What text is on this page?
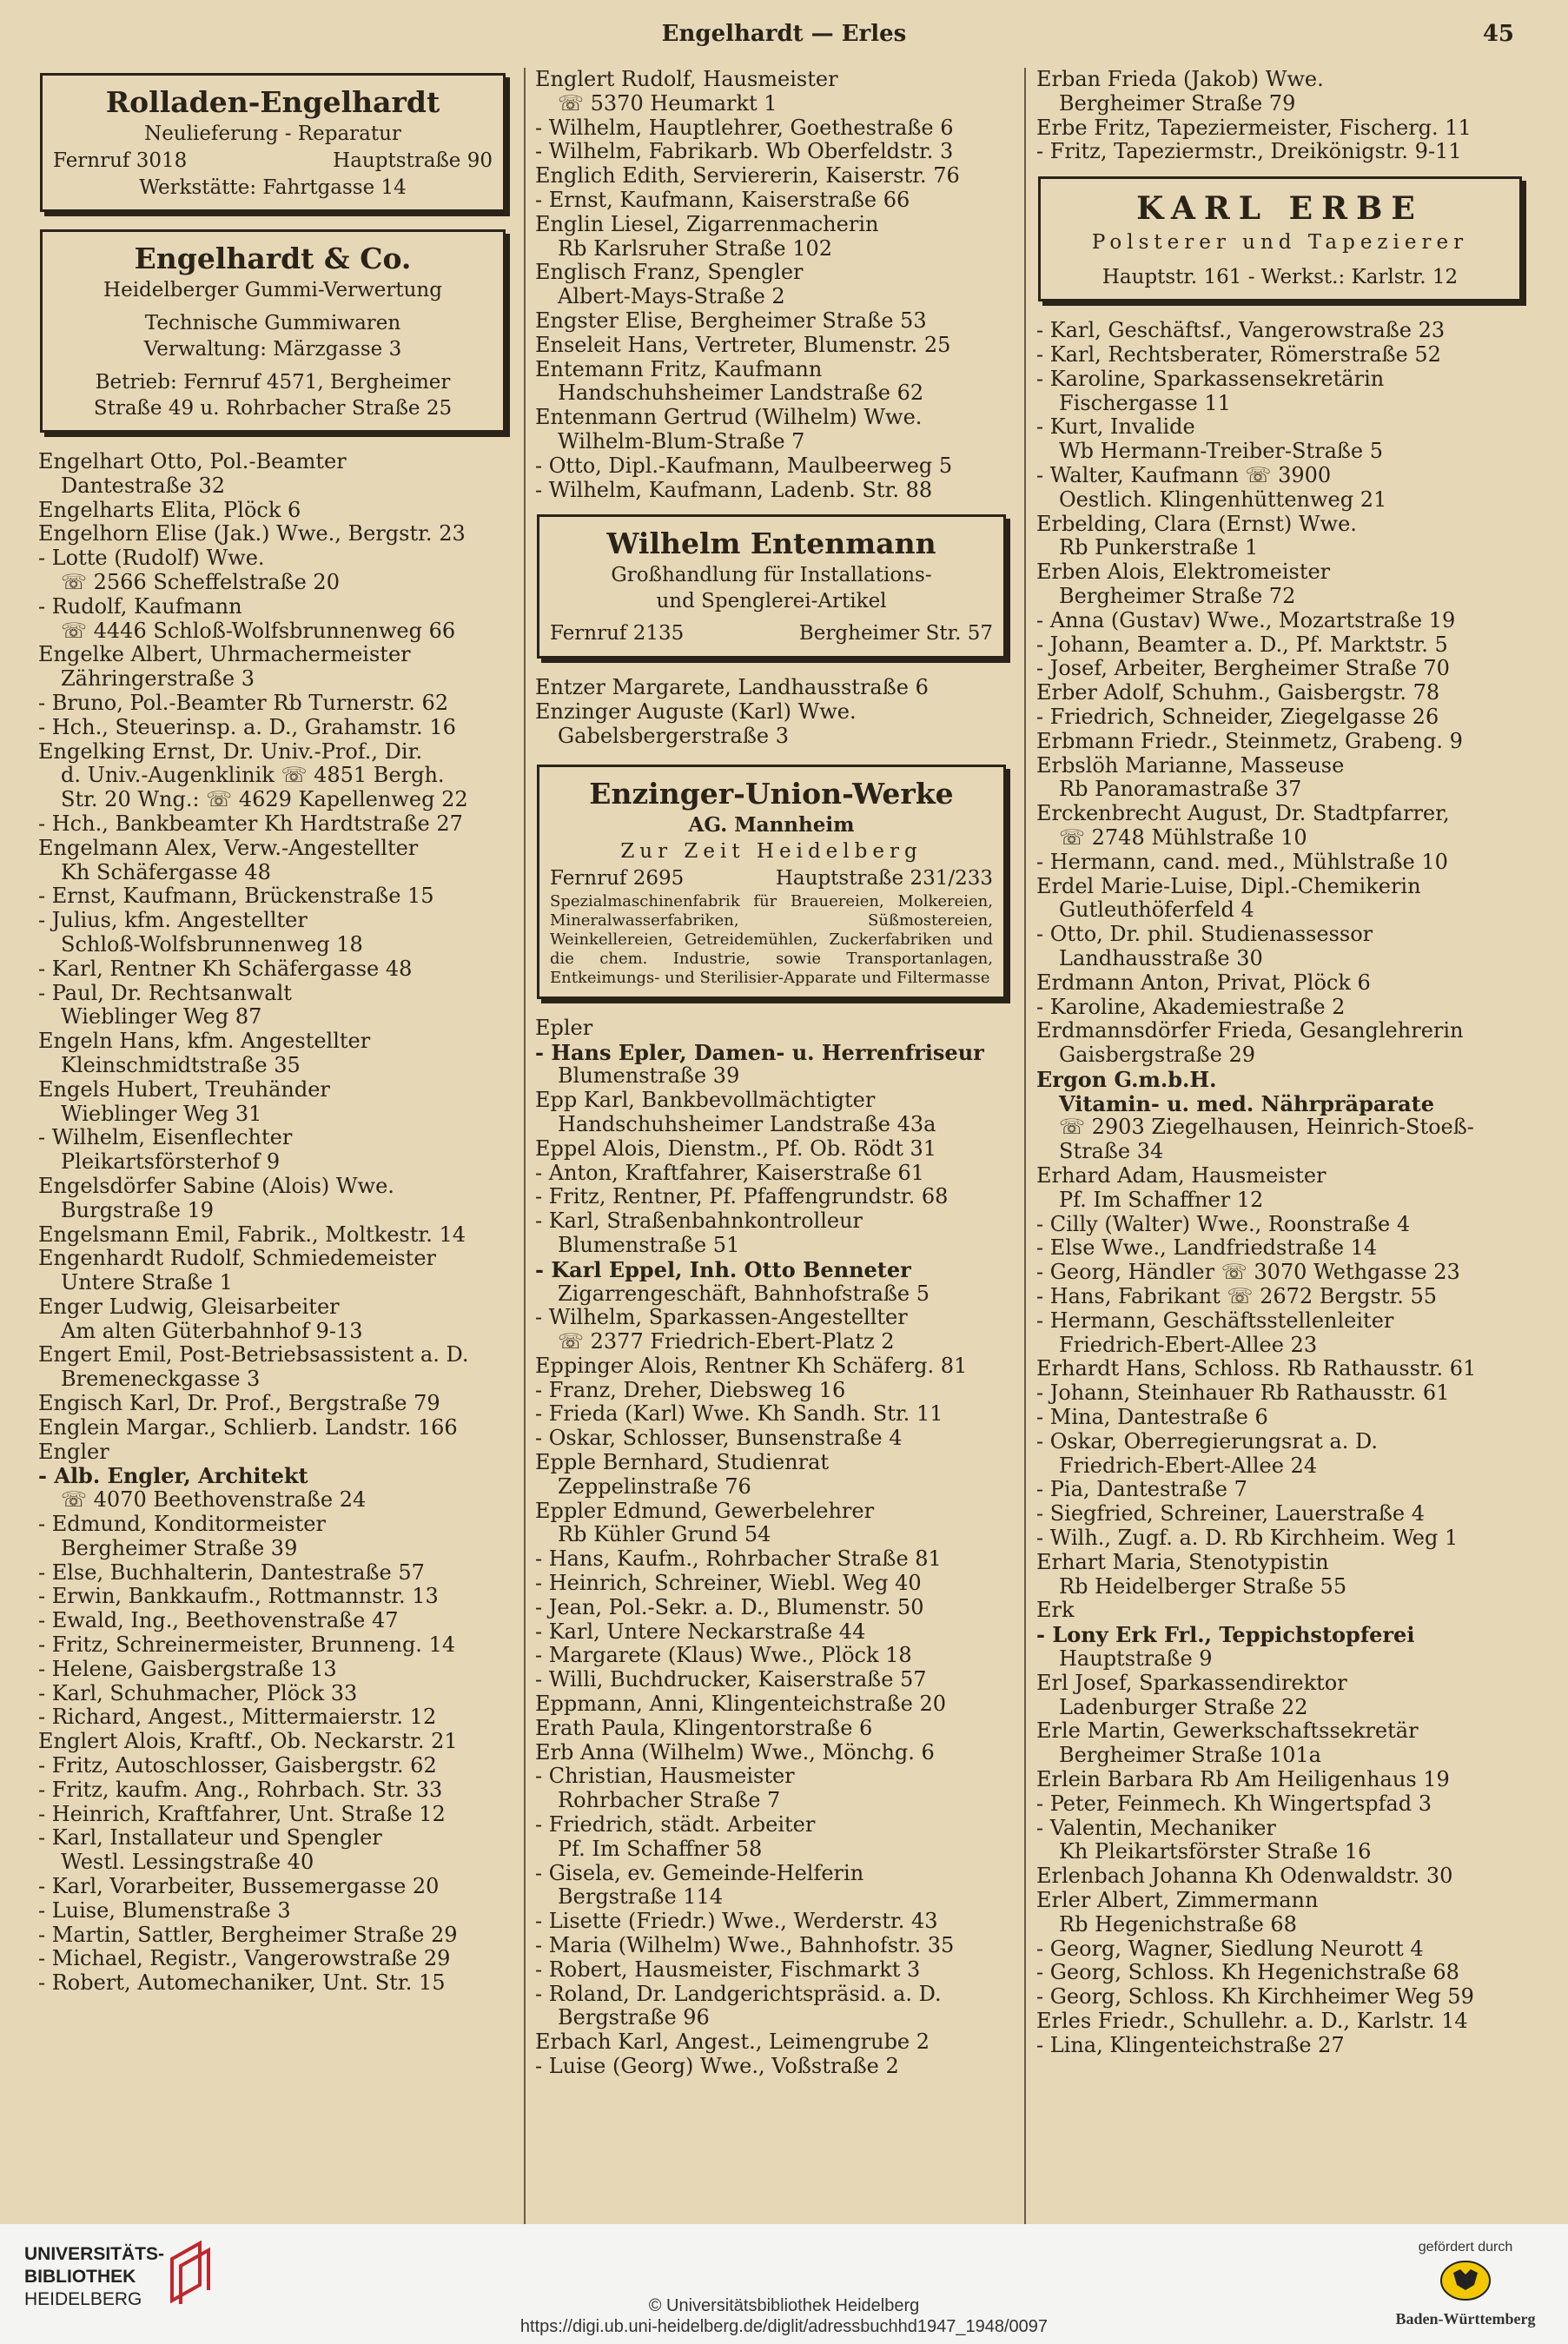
Engelhardt — Erles	45
Rolladen-Engelhardt
Neulieferung - Reparatur
Fernruf 3018	Hauptstraße 90
Werkstätte: Fahrtgasse 14
Engelhardt & Co.
Heidelberger Gummi-Verwertung
Technische Gummiwaren
Verwaltung: Märzgasse 3
Betrieb: Fernruf 4571, Bergheimer
Straße 49 u. Rohrbacher Straße 25
Engelhart Otto, Pol.-Beamter
Dantestraße 32
Engelharts Elita, Plöck 6
Engelhorn Elise (Jak.) Wwe., Bergstr. 23
- Lotte (Rudolf) Wwe.
☏ 2566 Scheffelstraße 20
- Rudolf, Kaufmann
☏ 4446 Schloß-Wolfsbrunnenweg 66
Engelke Albert, Uhrmachermeister
Zähringerstraße 3
- Bruno, Pol.-Beamter Rb Turnerstr. 62
- Hch., Steuerinsp. a. D., Grahamstr. 16
Engelking Ernst, Dr. Univ.-Prof., Dir.
d. Univ.-Augenklinik ☏ 4851 Bergh.
Str. 20 Wng.: ☏ 4629 Kapellenweg 22
- Hch., Bankbeamter Kh Hardtstraße 27
Engelmann Alex, Verw.-Angestellter
Kh Schäfergasse 48
- Ernst, Kaufmann, Brückenstraße 15
- Julius, kfm. Angestellter
Schloß-Wolfsbrunnenweg 18
- Karl, Rentner Kh Schäfergasse 48
- Paul, Dr. Rechtsanwalt
Wieblinger Weg 87
Engeln Hans, kfm. Angestellter
Kleinschmidtstraße 35
Engels Hubert, Treuhänder
Wieblinger Weg 31
- Wilhelm, Eisenflechter
Pleikartsförsterhof 9
Engelsdörfer Sabine (Alois) Wwe.
Burgstraße 19
Engelsmann Emil, Fabrik., Moltkestr. 14
Engenhardt Rudolf, Schmiedemeister
Untere Straße 1
Enger Ludwig, Gleisarbeiter
Am alten Güterbahnhof 9-13
Engert Emil, Post-Betriebsassistent a. D.
Bremeneckgasse 3
Engisch Karl, Dr. Prof., Bergstraße 79
Englein Margar., Schlierb. Landstr. 166
Engler
- Alb. Engler, Architekt
☏ 4070 Beethovenstraße 24
- Edmund, Konditormeister
Bergheimer Straße 39
- Else, Buchhalterin, Dantestraße 57
- Erwin, Bankkaufm., Rottmannstr. 13
- Ewald, Ing., Beethovenstraße 47
- Fritz, Schreinermeister, Brunneng. 14
- Helene, Gaisbergstraße 13
- Karl, Schuhmacher, Plöck 33
- Richard, Angest., Mittermaierstr. 12
Englert Alois, Kraftf., Ob. Neckarstr. 21
- Fritz, Autoschlosser, Gaisbergstr. 62
- Fritz, kaufm. Ang., Rohrbach. Str. 33
- Heinrich, Kraftfahrer, Unt. Straße 12
- Karl, Installateur und Spengler
Westl. Lessingstraße 40
- Karl, Vorarbeiter, Bussemergasse 20
- Luise, Blumenstraße 3
- Martin, Sattler, Bergheimer Straße 29
- Michael, Registr., Vangerowstraße 29
- Robert, Automechaniker, Unt. Str. 15
Englert Rudolf, Hausmeister
☏ 5370 Heumarkt 1
- Wilhelm, Hauptlehrer, Goethestraße 6
- Wilhelm, Fabrikarb. Wb Oberfeldstr. 3
Englich Edith, Serviererin, Kaiserstr. 76
- Ernst, Kaufmann, Kaiserstraße 66
Englin Liesel, Zigarrenmacherin
Rb Karlsruher Straße 102
Englisch Franz, Spengler
Albert-Mays-Straße 2
Engster Elise, Bergheimer Straße 53
Enseleit Hans, Vertreter, Blumenstr. 25
Entemann Fritz, Kaufmann
Handschuhsheimer Landstraße 62
Entenmann Gertrud (Wilhelm) Wwe.
Wilhelm-Blum-Straße 7
- Otto, Dipl.-Kaufmann, Maulbeerweg 5
- Wilhelm, Kaufmann, Ladenb. Str. 88
Wilhelm Entenmann
Großhandlung für Installations-
und Spenglerei-Artikel
Fernruf 2135	Bergheimer Str. 57
Entzer Margarete, Landhausstraße 6
Enzinger Auguste (Karl) Wwe.
Gabelsbergerstraße 3
Enzinger-Union-Werke
AG. Mannheim
Zur Zeit Heidelberg
Fernruf 2695	Hauptstraße 231/233
Spezialmaschinenfabrik für Brauereien, Molkereien, Mineralwasserfabriken, Süßmostereien, Weinkellereien, Getreidemühlen, Zuckerfabriken und die chem. Industrie, sowie Transportanlagen, Entkeimungs- und Sterilisier-Apparate und Filtermasse
Epler
- Hans Epler, Damen- u. Herrenfriseur
Blumenstraße 39
Epp Karl, Bankbevollmächtigter
Handschuhsheimer Landstraße 43a
Eppel Alois, Dienstm., Pf. Ob. Rödt 31
- Anton, Kraftfahrer, Kaiserstraße 61
- Fritz, Rentner, Pf. Pfaffengrundstr. 68
- Karl, Straßenbahnkontrolleur
Blumenstraße 51
- Karl Eppel, Inh. Otto Benneter
Zigarrengeschäft, Bahnhofstraße 5
- Wilhelm, Sparkassen-Angestellter
☏ 2377 Friedrich-Ebert-Platz 2
Eppinger Alois, Rentner Kh Schäferg. 81
- Franz, Dreher, Diebsweg 16
- Frieda (Karl) Wwe. Kh Sandh. Str. 11
- Oskar, Schlosser, Bunsenstraße 4
Epple Bernhard, Studienrat
Zeppelinstraße 76
Eppler Edmund, Gewerbelehrer
Rb Kühler Grund 54
- Hans, Kaufm., Rohrbacher Straße 81
- Heinrich, Schreiner, Wiebl. Weg 40
- Jean, Pol.-Sekr. a. D., Blumenstr. 50
- Karl, Untere Neckarstraße 44
- Margarete (Klaus) Wwe., Plöck 18
- Willi, Buchdrucker, Kaiserstraße 57
Eppmann, Anni, Klingenteichstraße 20
Erath Paula, Klingentorstraße 6
Erb Anna (Wilhelm) Wwe., Mönchg. 6
- Christian, Hausmeister
Rohrbacher Straße 7
- Friedrich, städt. Arbeiter
Pf. Im Schaffner 58
- Gisela, ev. Gemeinde-Helferin
Bergstraße 114
- Lisette (Friedr.) Wwe., Werderstr. 43
- Maria (Wilhelm) Wwe., Bahnhofstr. 35
- Robert, Hausmeister, Fischmarkt 3
- Roland, Dr. Landgerichtspräsid. a. D.
Bergstraße 96
Erbach Karl, Angest., Leimengrube 2
- Luise (Georg) Wwe., Voßstraße 2
Erban Frieda (Jakob) Wwe.
Bergheimer Straße 79
Erbe Fritz, Tapeziermeister, Fischerg. 11
- Fritz, Tapeziermstr., Dreikönigstr. 9-11
KARL ERBE
Polsterer und Tapezierer
Hauptstr. 161 - Werkst.: Karlstr. 12
- Karl, Geschäftsf., Vangerowstraße 23
- Karl, Rechtsberater, Römerstraße 52
- Karoline, Sparkassensekretärin
Fischergasse 11
- Kurt, Invalide
Wb Hermann-Treiber-Straße 5
- Walter, Kaufmann ☏ 3900
Oestlich. Klingenhüttenweg 21
Erbelding, Clara (Ernst) Wwe.
Rb Punkerstraße 1
Erben Alois, Elektromeister
Bergheimer Straße 72
- Anna (Gustav) Wwe., Mozartstraße 19
- Johann, Beamter a. D., Pf. Marktstr. 5
- Josef, Arbeiter, Bergheimer Straße 70
Erber Adolf, Schuhm., Gaisbergstr. 78
- Friedrich, Schneider, Ziegelgasse 26
Erbmann Friedr., Steinmetz, Grabeng. 9
Erbslöh Marianne, Masseuse
Rb Panoramastraße 37
Erckenbrecht August, Dr. Stadtpfarrer,
☏ 2748 Mühlstraße 10
- Hermann, cand. med., Mühlstraße 10
Erdel Marie-Luise, Dipl.-Chemikerin
Gutleuthöferfeld 4
- Otto, Dr. phil. Studienassessor
Landhausstraße 30
Erdmann Anton, Privat, Plöck 6
- Karoline, Akademiestraße 2
Erdmannsdörfer Frieda, Gesanglehrerin
Gaisbergstraße 29
Ergon G.m.b.H.
Vitamin- u. med. Nährpräparate
☏ 2903 Ziegelhausen, Heinrich-Stoeß-
Straße 34
Erhard Adam, Hausmeister
Pf. Im Schaffner 12
- Cilly (Walter) Wwe., Roonstraße 4
- Else Wwe., Landfriedstraße 14
- Georg, Händler ☏ 3070 Wethgasse 23
- Hans, Fabrikant ☏ 2672 Bergstr. 55
- Hermann, Geschäftsstellenleiter
Friedrich-Ebert-Allee 23
Erhardt Hans, Schloss. Rb Rathausstr. 61
- Johann, Steinhauer Rb Rathausstr. 61
- Mina, Dantestraße 6
- Oskar, Oberregierungsrat a. D.
Friedrich-Ebert-Allee 24
- Pia, Dantestraße 7
- Siegfried, Schreiner, Lauerstraße 4
- Wilh., Zugf. a. D. Rb Kirchheim. Weg 1
Erhart Maria, Stenotypistin
Rb Heidelberger Straße 55
Erk
- Lony Erk Frl., Teppichstopferei
Hauptstraße 9
Erl Josef, Sparkassendirektor
Ladenburger Straße 22
Erle Martin, Gewerkschaftssekretär
Bergheimer Straße 101a
Erlein Barbara Rb Am Heiligenhaus 19
- Peter, Feinmech. Kh Wingertspfad 3
- Valentin, Mechaniker
Kh Pleikartsförster Straße 16
Erlenbach Johanna Kh Odenwaldstr. 30
Erler Albert, Zimmermann
Rb Hegenichstraße 68
- Georg, Wagner, Siedlung Neurott 4
- Georg, Schloss. Kh Hegenichstraße 68
- Georg, Schloss. Kh Kirchheimer Weg 59
Erles Friedr., Schullehr. a. D., Karlstr. 14
- Lina, Klingenteichstraße 27
UNIVERSITÄTS-
BIBLIOTHEK
HEIDELBERG	© Universitätsbibliothek Heidelberg
https://digi.ub.uni-heidelberg.de/diglit/adressbuchhd1947_1948/0097
gefördert durch
Baden-Württemberg
